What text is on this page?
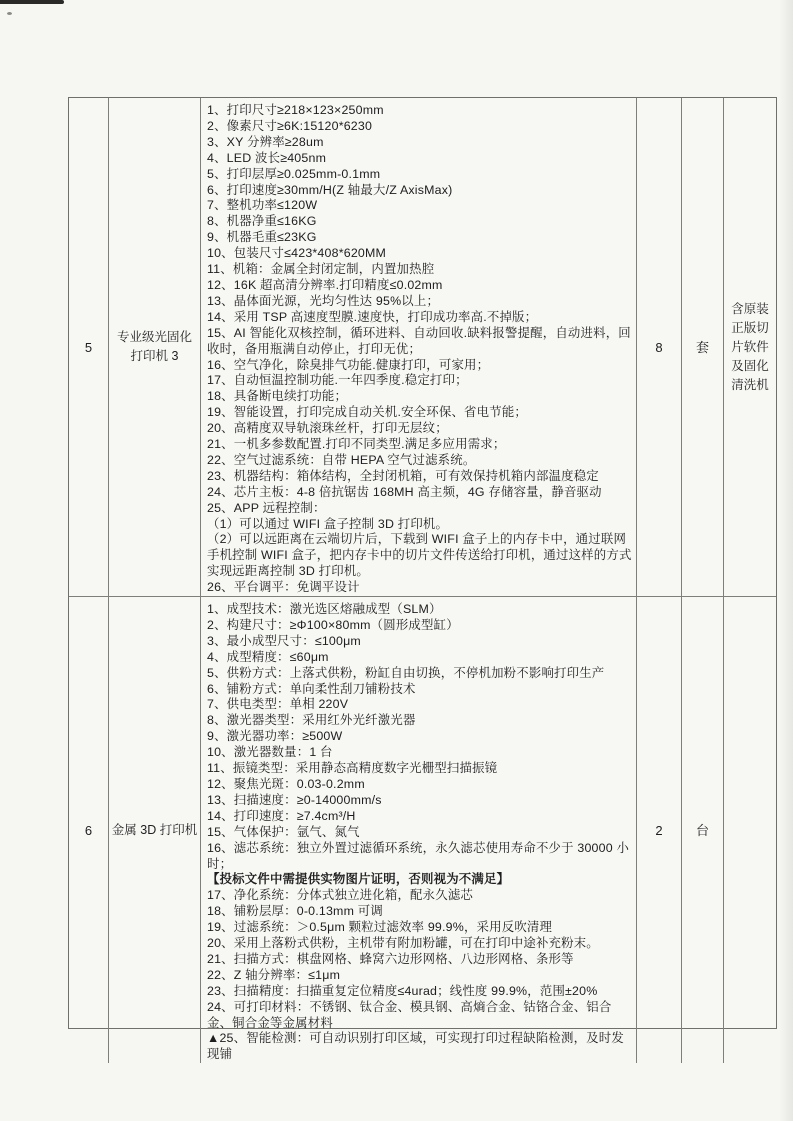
5
专业级光固化打印机 3
1、打印尺寸≥218×123×250mm
2、像素尺寸≥6K:15120*6230
3、XY 分辨率≥28um
4、LED 波长≥405nm
5、打印层厚≥0.025mm-0.1mm
6、打印速度≥30mm/H(Z 轴最大/Z AxisMax)
7、整机功率≤120W
8、机器净重≤16KG
9、机器毛重≤23KG
10、包装尺寸≤423*408*620MM
11、机箱：金属全封闭定制，内置加热腔
12、16K 超高清分辨率.打印精度≤0.02mm
13、晶体面光源，光均匀性达 95%以上；
14、采用 TSP 高速度型膜.速度快，打印成功率高.不掉版；
15、AI 智能化双核控制，循环进料、自动回收.缺料报警提醒，自动进料，回收时，备用瓶满自动停止，打印无优；
16、空气净化，除臭排气功能.健康打印，可家用；
17、自动恒温控制功能.一年四季度.稳定打印；
18、具备断电续打功能；
19、智能设置，打印完成自动关机.安全环保、省电节能；
20、高精度双导轨滚珠丝杆，打印无层纹；
21、一机多参数配置.打印不同类型.满足多应用需求；
22、空气过滤系统：自带 HEPA 空气过滤系统。
23、机器结构：箱体结构，全封闭机箱，可有效保持机箱内部温度稳定
24、芯片主板：4-8 倍抗锯齿 168MH 高主频，4G 存储容量，静音驱动
25、APP 远程控制：
（1）可以通过 WIFI 盒子控制 3D 打印机。
（2）可以远距离在云端切片后，下载到 WIFI 盒子上的内存卡中，通过联网手机控制 WIFI 盒子，把内存卡中的切片文件传送给打印机，通过这样的方式实现远距离控制 3D 打印机。
26、平台调平：免调平设计
8	套
含原装正版切片软件及固化清洗机
6 金属 3D 打印机
1、成型技术：激光选区熔融成型（SLM）
2、构建尺寸：≥Φ100×80mm（圆形成型缸）
3、最小成型尺寸：≤100μm
4、成型精度：≤60μm
5、供粉方式：上落式供粉，粉缸自由切换，不停机加粉不影响打印生产
6、铺粉方式：单向柔性刮刀铺粉技术
7、供电类型：单相 220V
8、激光器类型：采用红外光纤激光器
9、激光器功率：≥500W
10、激光器数量：1 台
11、振镜类型：采用静态高精度数字光栅型扫描振镜
12、聚焦光斑：0.03-0.2mm
13、扫描速度：≥0-14000mm/s
14、打印速度：≥7.4cm³/H
15、气体保护：氩气、氮气
16、滤芯系统：独立外置过滤循环系统，永久滤芯使用寿命不少于 30000 小时；
【投标文件中需提供实物图片证明，否则视为不满足】
17、净化系统：分体式独立进化箱，配永久滤芯
18、铺粉层厚：0-0.13mm 可调
19、过滤系统：＞0.5μm 颗粒过滤效率 99.9%，采用反吹清理
20、采用上落粉式供粉，主机带有附加粉罐，可在打印中途补充粉末。
21、扫描方式：棋盘网格、蜂窝六边形网格、八边形网格、条形等
22、Z 轴分辨率：≤1μm
23、扫描精度：扫描重复定位精度≤4urad；线性度 99.9%，范围±20%
24、可打印材料：不锈钢、钛合金、模具钢、高熵合金、钴铬合金、铝合金、铜合金等金属材料
▲25、智能检测：可自动识别打印区域，可实现打印过程缺陷检测，及时发现铺
2	台
